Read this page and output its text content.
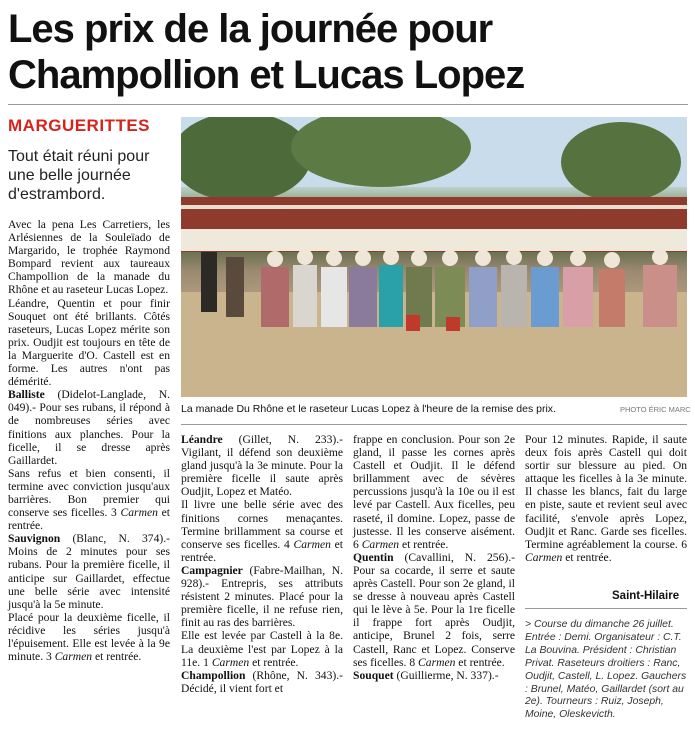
Les prix de la journée pour
Champollion et Lucas Lopez
MARGUERITTES
Tout était réuni pour une belle journée d'estrambord.

Avec la pena Les Carretiers, les Arlésiennes de la Souleïado de Margarido, le trophée Raymond Bompard revient aux taureaux Champollion de la manade du Rhône et au raseteur Lucas Lopez.

Léandre, Quentin et pour finir Souquet ont été brillants. Côtés raseteurs, Lucas Lopez mérite son prix. Oudjit est toujours en tête de la Marguerite d'O. Castell est en forme. Les autres n'ont pas démérité.

Balliste (Didelot-Langlade, N. 049).- Pour ses rubans, il répond à de nombreuses séries avec finitions aux planches. Pour la ficelle, il se dresse après Gaillardet.

Sans refus et bien consenti, il termine avec conviction jusqu'aux barrières. Bon premier qui conserve ses ficelles. 3 Carmen et rentrée.

Sauvignon (Blanc, N. 374).- Moins de 2 minutes pour ses rubans. Pour la première ficelle, il anticipe sur Gaillardet, effectue une belle série avec intensité jusqu'à la 5e minute.

Placé pour la deuxième ficelle, il récidive les séries jusqu'à l'épuisement. Elle est levée à la 9e minute. 3 Carmen et rentrée.

La manade Du Rhône et le raseteur Lucas Lopez à l'heure de la remise des prix.	PHOTO ÉRIC MARC

Léandre (Gillet, N. 233).- Vigilant, il défend son deuxième gland jusqu'à la 3e minute. Pour la première ficelle il saute après Oudjit, Lopez et Matéo.

Il livre une belle série avec des finitions cornes menaçantes. Termine brillamment sa course et conserve ses ficelles. 4 Carmen et rentrée.

Campagnier (Fabre-Mailhan, N. 928).- Entrepris, ses attributs résistent 2 minutes. Placé pour la première ficelle, il ne refuse rien, finit au ras des barrières.

Elle est levée par Castell à la 8e. La deuxième l'est par Lopez à la 11e. 1 Carmen et rentrée.

Champollion (Rhône, N. 343).- Décidé, il vient fort et

frappe en conclusion. Pour son 2e gland, il passe les cornes après Castell et Oudjit. Il le défend brillamment avec de sévères percussions jusqu'à la 10e ou il est levé par Castell. Aux ficelles, peu raseté, il domine. Lopez, passe de justesse. Il les conserve aisément. 6 Carmen et rentrée.

Quentin (Cavallini, N. 256).- Pour sa cocarde, il serre et saute après Castell. Pour son 2e gland, il se dresse à nouveau après Castell qui le lève à 5e. Pour la 1re ficelle il frappe fort après Oudjit, anticipe, Brunel 2 fois, serre Castell, Ranc et Lopez. Conserve ses ficelles. 8 Carmen et rentrée.

Souquet (Guillierme, N. 337).-

Pour 12 minutes. Rapide, il saute deux fois après Castell qui doit sortir sur blessure au pied. On attaque les ficelles à la 3e minute. Il chasse les blancs, fait du large en piste, saute et revient seul avec facilité, s'envole après Lopez, Oudjit et Ranc. Garde ses ficelles. Termine agréablement la course. 6 Carmen et rentrée.

Saint-Hilaire
> Course du dimanche 26 juillet. Entrée : Demi. Organisateur : C.T. La Bouvina. Président : Christian Privat. Raseteurs droitiers : Ranc, Oudjit, Castell, L. Lopez. Gauchers : Brunel, Matéo, Gaillardet (sort au 2e). Tourneurs : Ruiz, Joseph, Moine, Oleskevicth.
